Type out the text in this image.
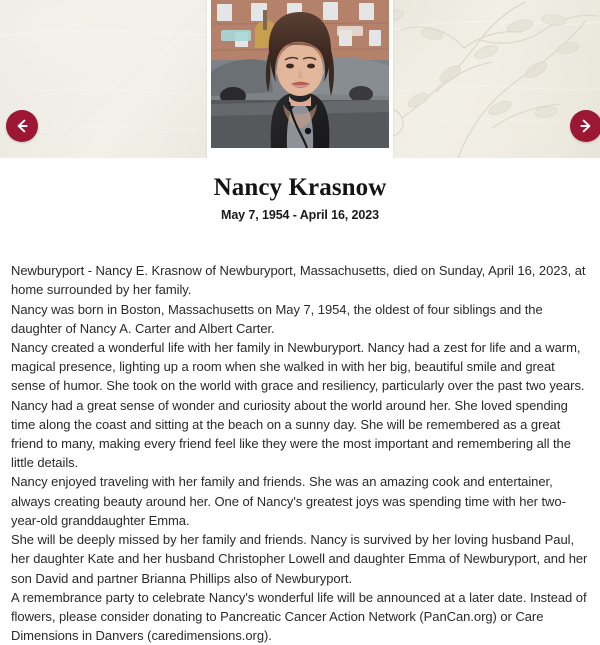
Nancy Krasnow
May 7, 1954 - April 16, 2023

Newburyport - Nancy E. Krasnow of Newburyport, Massachusetts, died on Sunday, April 16, 2023, at home surrounded by her family.

Nancy was born in Boston, Massachusetts on May 7, 1954, the oldest of four siblings and the daughter of Nancy A. Carter and Albert Carter.

Nancy created a wonderful life with her family in Newburyport. Nancy had a zest for life and a warm, magical presence, lighting up a room when she walked in with her big, beautiful smile and great sense of humor. She took on the world with grace and resiliency, particularly over the past two years.

Nancy had a great sense of wonder and curiosity about the world around her. She loved spending time along the coast and sitting at the beach on a sunny day. She will be remembered as a great friend to many, making every friend feel like they were the most important and remembering all the little details.

Nancy enjoyed traveling with her family and friends. She was an amazing cook and entertainer, always creating beauty around her. One of Nancy's greatest joys was spending time with her two-year-old granddaughter Emma.

She will be deeply missed by her family and friends. Nancy is survived by her loving husband Paul, her daughter Kate and her husband Christopher Lowell and daughter Emma of Newburyport, and her son David and partner Brianna Phillips also of Newburyport.

A remembrance party to celebrate Nancy's wonderful life will be announced at a later date. Instead of flowers, please consider donating to Pancreatic Cancer Action Network (PanCan.org) or Care Dimensions in Danvers (caredimensions.org).
